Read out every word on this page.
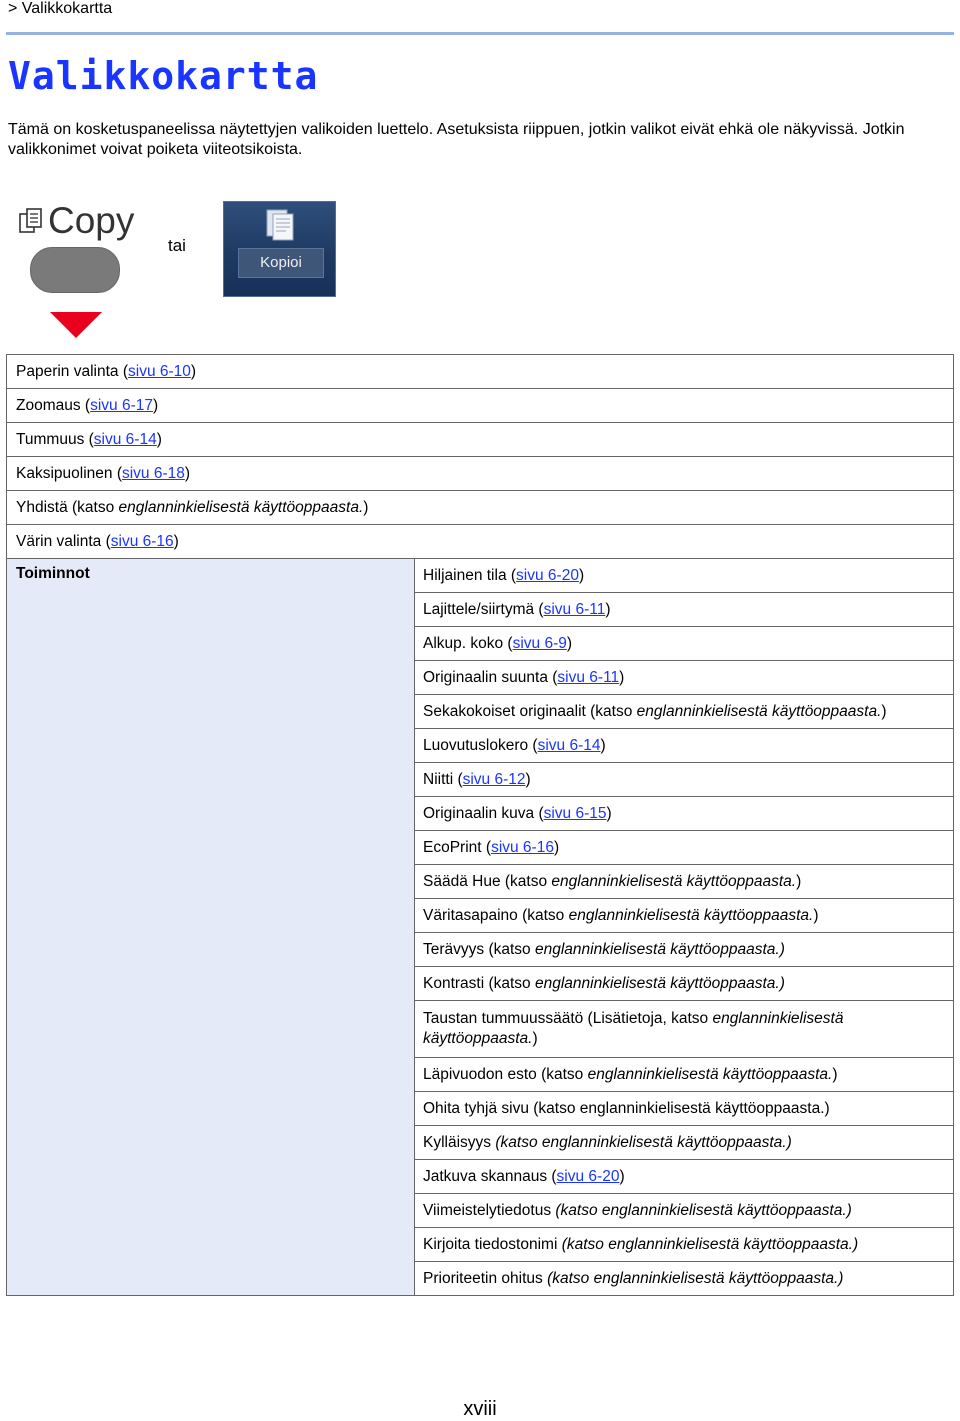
> Valikkokartta
Valikkokartta
Tämä on kosketuspaneelissa näytettyjen valikoiden luettelo. Asetuksista riippuen, jotkin valikot eivät ehkä ole näkyvissä. Jotkin valikkonimet voivat poiketa viiteotsikoista.
Copy
tai
Kopioi
Paperin valinta (sivu 6-10)
Zoomaus (sivu 6-17)
Tummuus (sivu 6-14)
Kaksipuolinen (sivu 6-18)
Yhdistä (katso englanninkielisestä käyttöoppaasta.)
Värin valinta (sivu 6-16)
Toiminnot	Hiljainen tila (sivu 6-20)
Lajittele/siirtymä (sivu 6-11)
Alkup. koko (sivu 6-9)
Originaalin suunta (sivu 6-11)
Sekakokoiset originaalit (katso englanninkielisestä käyttöoppaasta.)
Luovutuslokero (sivu 6-14)
Niitti (sivu 6-12)
Originaalin kuva (sivu 6-15)
EcoPrint (sivu 6-16)
Säädä Hue (katso englanninkielisestä käyttöoppaasta.)
Väritasapaino (katso englanninkielisestä käyttöoppaasta.)
Terävyys (katso englanninkielisestä käyttöoppaasta.)
Kontrasti (katso englanninkielisestä käyttöoppaasta.)
Taustan tummuussäätö (Lisätietoja, katso englanninkielisestä käyttöoppaasta.)
Läpivuodon esto (katso englanninkielisestä käyttöoppaasta.)
Ohita tyhjä sivu (katso englanninkielisestä käyttöoppaasta.)
Kylläisyys (katso englanninkielisestä käyttöoppaasta.)
Jatkuva skannaus (sivu 6-20)
Viimeistelytiedotus (katso englanninkielisestä käyttöoppaasta.)
Kirjoita tiedostonimi (katso englanninkielisestä käyttöoppaasta.)
Prioriteetin ohitus (katso englanninkielisestä käyttöoppaasta.)
xviii
